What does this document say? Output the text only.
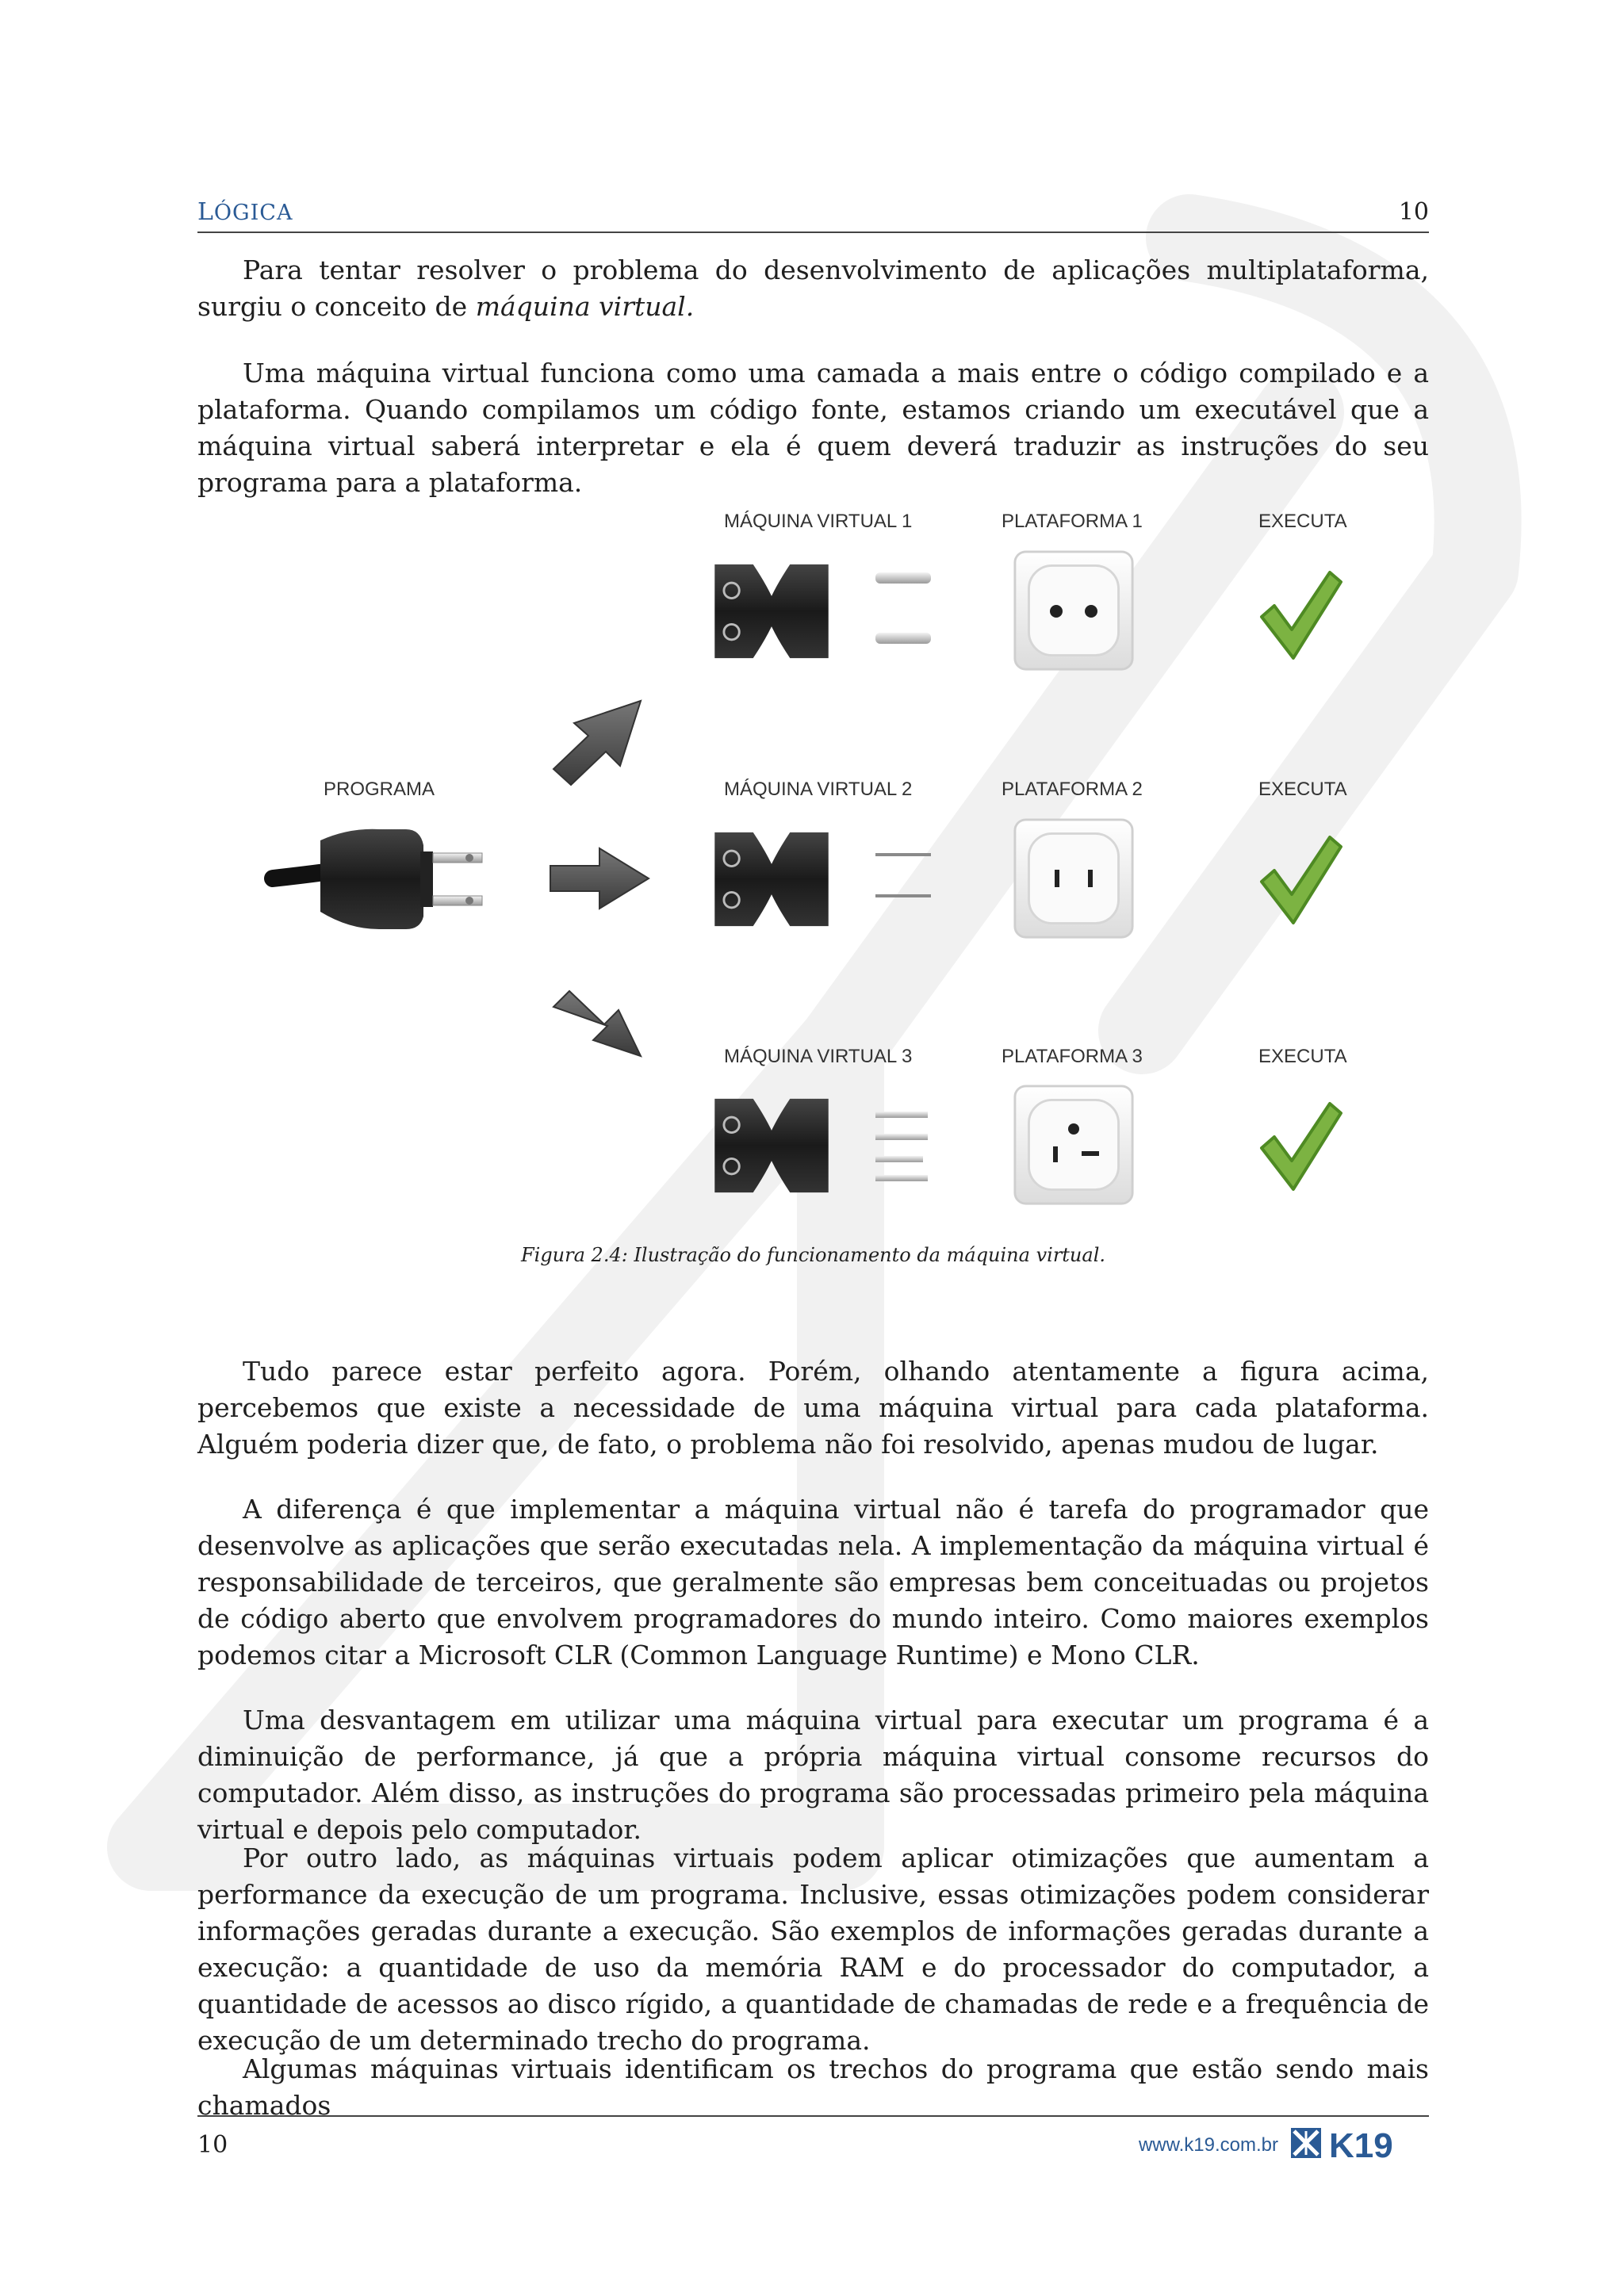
LÓGICA	10

Para tentar resolver o problema do desenvolvimento de aplicações multiplataforma, surgiu o conceito de máquina virtual.

Uma máquina virtual funciona como uma camada a mais entre o código compilado e a plataforma. Quando compilamos um código fonte, estamos criando um executável que a máquina virtual saberá interpretar e ela é quem deverá traduzir as instruções do seu programa para a plataforma.

Figura 2.4: Ilustração do funcionamento da máquina virtual.

Tudo parece estar perfeito agora. Porém, olhando atentamente a figura acima, percebemos que existe a necessidade de uma máquina virtual para cada plataforma. Alguém poderia dizer que, de fato, o problema não foi resolvido, apenas mudou de lugar.

A diferença é que implementar a máquina virtual não é tarefa do programador que desenvolve as aplicações que serão executadas nela. A implementação da máquina virtual é responsabilidade de terceiros, que geralmente são empresas bem conceituadas ou projetos de código aberto que envolvem programadores do mundo inteiro. Como maiores exemplos podemos citar a Microsoft CLR (Common Language Runtime) e Mono CLR.

Uma desvantagem em utilizar uma máquina virtual para executar um programa é a diminuição de performance, já que a própria máquina virtual consome recursos do computador. Além disso, as instruções do programa são processadas primeiro pela máquina virtual e depois pelo computador.

Por outro lado, as máquinas virtuais podem aplicar otimizações que aumentam a performance da execução de um programa. Inclusive, essas otimizações podem considerar informações geradas durante a execução. São exemplos de informações geradas durante a execução: a quantidade de uso da memória RAM e do processador do computador, a quantidade de acessos ao disco rígido, a quantidade de chamadas de rede e a frequência de execução de um determinado trecho do programa.

Algumas máquinas virtuais identificam os trechos do programa que estão sendo mais chamados

10	www.k19.com.br K19
PROGRAMA
MÁQUINA VIRTUAL 1	PLATAFORMA 1	EXECUTA
MÁQUINA VIRTUAL 2	PLATAFORMA 2	EXECUTA
MÁQUINA VIRTUAL 3	PLATAFORMA 3	EXECUTA
